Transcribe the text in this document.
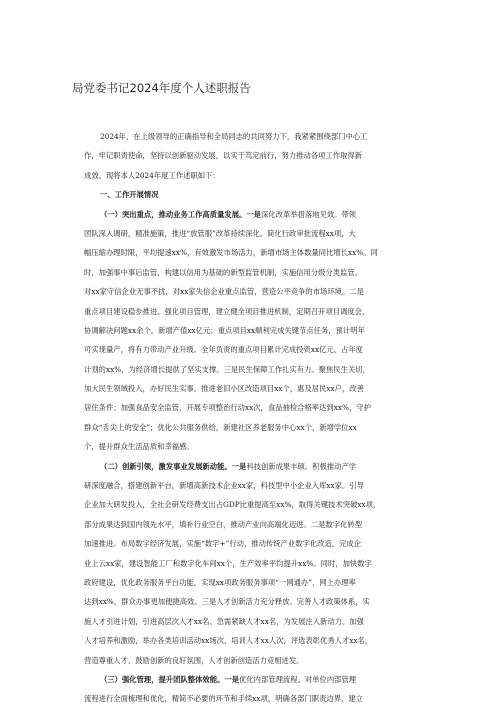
局党委书记2024年度个人述职报告
2024年，在上级领导的正确指导和全局同志的共同努力下，我紧紧围绕部门中心工
作，牢记职责使命，坚持以创新驱动发展，以实干笃定前行，努力推动各项工作取得新
成效。现将本人2024年度工作述职如下：
一、工作开展情况
（一）突出重点，推动业务工作高质量发展。一是深化改革举措落地见效。带领
团队深入调研，精准施策，推进“放管服”改革持续深化。简化行政审批流程xx项，大
幅压缩办理时限，平均提速xx%，有效激发市场活力，新增市场主体数量同比增长xx%。同
时，加强事中事后监管，构建以信用为基础的新型监管机制，实施信用分级分类监管，
对xx家守信企业无事不扰，对xx家失信企业重点监管，营造公平竞争的市场环境。二是
重点项目建设稳步推进。强化项目管理，建立健全项目推进机制，定期召开项目调度会，
协调解决问题xx余个，新增产值xx亿元；重点项目xx顺利完成关键节点任务，预计明年
可实现量产，将有力带动产业升级。全年负责的重点项目累计完成投资xx亿元，占年度
计划的xx%，为经济增长提供了坚实支撑。三是民生保障工作扎实有力。聚焦民生关切，
加大民生领域投入，办好民生实事。推进老旧小区改造项目xx个，惠及居民xx户，改善
居住条件；加强食品安全监管，开展专项整治行动xx次，食品抽检合格率达到xx%，守护
群众“舌尖上的安全”；优化公共服务供给，新建社区养老服务中心xx个，新增学位xx
个，提升群众生活品质和幸福感。
（二）创新引领，激发事业发展新动能。一是科技创新成果丰硕。积极推动产学
研深度融合，搭建创新平台，新增高新技术企业xx家，科技型中小企业入库xx家。引导
企业加大研发投入，全社会研发经费支出占GDP比重提高至xx%，取得关键技术突破xx项，
部分成果达到国内领先水平，填补行业空白，推动产业向高端化迈进。二是数字化转型
加速推进。布局数字经济发展，实施“数字+”行动，推动传统产业数字化改造，完成企
业上云xx家，建设智能工厂和数字化车间xx个，生产效率平均提升xx%。同时，加快数字
政府建设，优化政务服务平台功能，实现xx项政务服务事项“一网通办”，网上办理率
达到xx%，群众办事更加便捷高效。三是人才创新活力充分释放。完善人才政策体系，实
施人才引进计划，引进高层次人才xx名、急需紧缺人才xx名，为发展注入新动力。加强
人才培养和激励，举办各类培训活动xx场次，培训人才xx人次，评选表彰优秀人才xx名，
营造尊重人才、鼓励创新的良好氛围，人才创新创造活力竞相迸发。
（三）强化管理，提升团队整体效能。一是优化内部管理流程。对单位内部管理
流程进行全面梳理和优化，精简不必要的环节和手续xx项，明确各部门职责边界，建立
